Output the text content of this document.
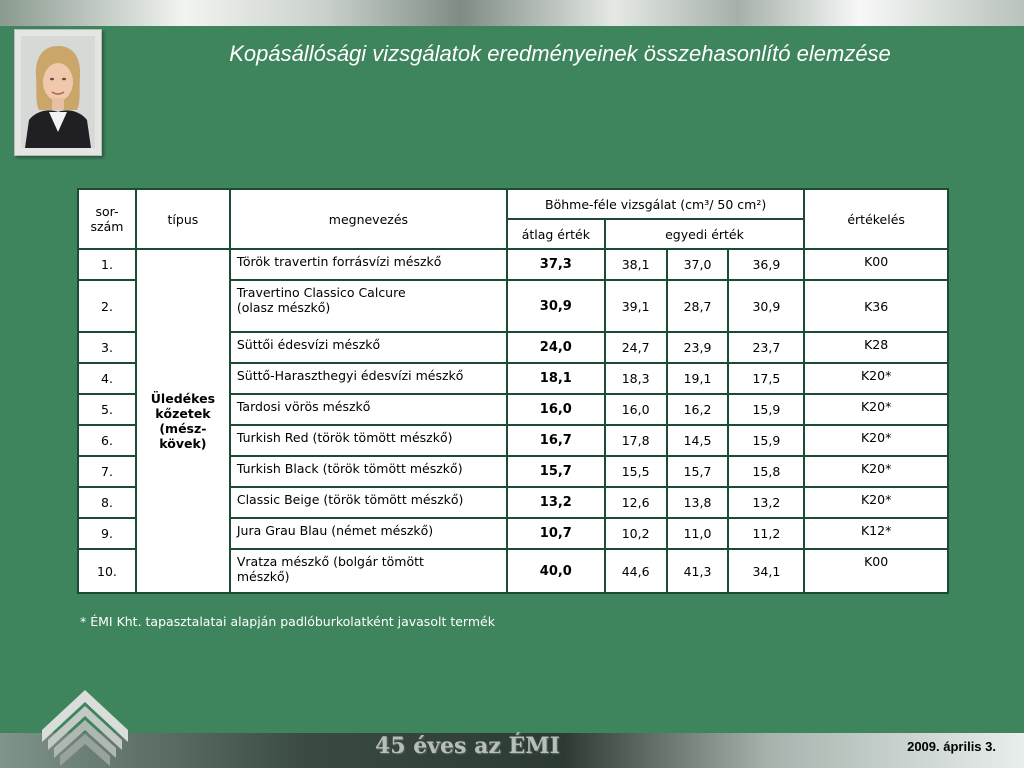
Kopásállósági vizsgálatok eredményeinek összehasonlító elemzése
sor-
szám	típus	megnevezés	Böhme-féle vizsgálat (cm³/ 50 cm²)				értékelés
			átlag érték	egyedi érték			
1.	Üledékes
kőzetek
(mész-
kövek)	Török travertin forrásvízi mészkő	37,3	38,1	37,0	36,9	K00
2.		Travertino Classico Calcure
(olasz mészkő)	30,9	39,1	28,7	30,9	K36
3.		Süttői édesvízi mészkő	24,0	24,7	23,9	23,7	K28
4.		Süttő-Haraszthegyi édesvízi mészkő	18,1	18,3	19,1	17,5	K20*
5.		Tardosi vörös mészkő	16,0	16,0	16,2	15,9	K20*
6.		Turkish Red (török tömött mészkő)	16,7	17,8	14,5	15,9	K20*
7.		Turkish Black (török tömött mészkő)	15,7	15,5	15,7	15,8	K20*
8.		Classic Beige (török tömött mészkő)	13,2	12,6	13,8	13,2	K20*
9.		Jura Grau Blau (német mészkő)	10,7	10,2	11,0	11,2	K12*
10.		Vratza mészkő (bolgár tömött
mészkő)	40,0	44,6	41,3	34,1	K00
* ÉMI Kht. tapasztalatai alapján padlóburkolatként javasolt termék
45 éves az ÉMI	2009. április 3.
